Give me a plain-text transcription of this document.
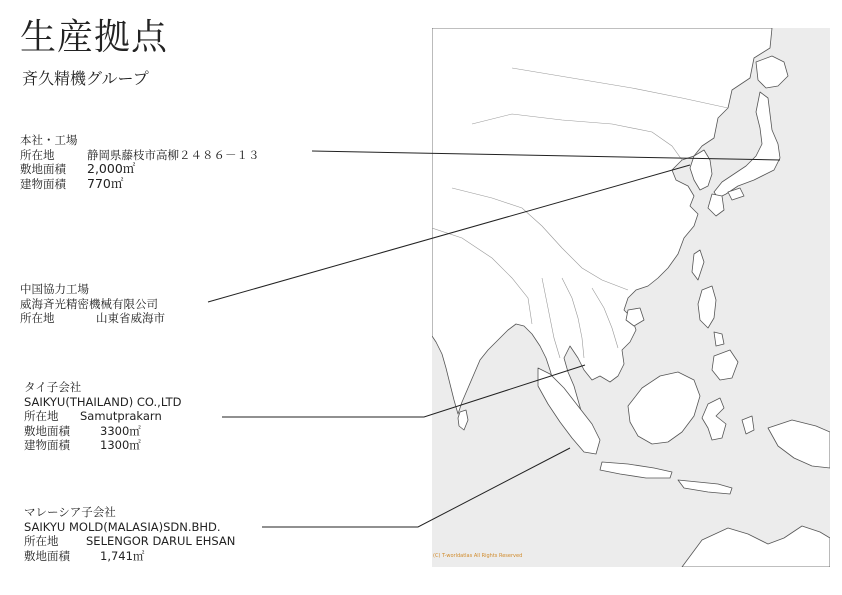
生産拠点
斉久精機グループ
本社・工場
所在地	静岡県藤枝市高柳２４８６－１３
敷地面積	2,000㎡
建物面積	770㎡
中国協力工場
威海斉光精密機械有限公司
所在地	山東省威海市
タイ子会社
SAIKYU(THAILAND) CO.,LTD
所在地	Samutprakarn
敷地面積	3300㎡
建物面積	1300㎡
マレーシア子会社
SAIKYU MOLD(MALASIA)SDN.BHD.
所在地	SELENGOR DARUL EHSAN
敷地面積	1,741㎡	(C) T-worldatlas All Rights Reserved
